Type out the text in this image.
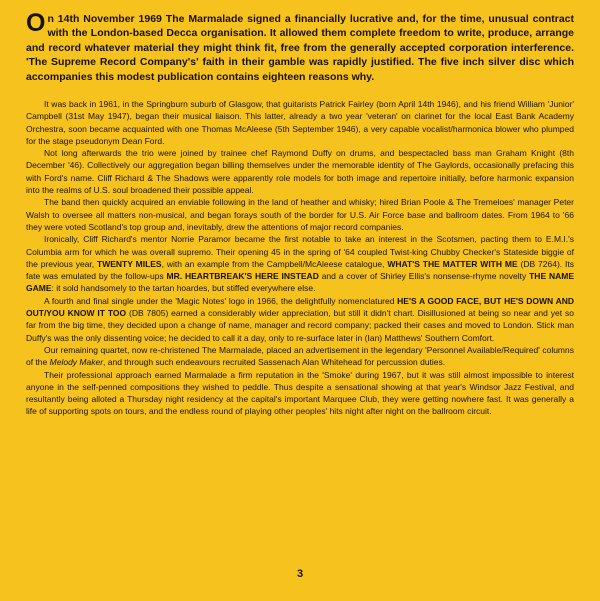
On 14th November 1969 The Marmalade signed a financially lucrative and, for the time, unusual contract with the London-based Decca organisation. It allowed them complete freedom to write, produce, arrange and record whatever material they might think fit, free from the generally accepted corporation interference. 'The Supreme Record Company's' faith in their gamble was rapidly justified. The five inch silver disc which accompanies this modest publication contains eighteen reasons why.

It was back in 1961, in the Springburn suburb of Glasgow, that guitarists Patrick Fairley (born April 14th 1946), and his friend William 'Junior' Campbell (31st May 1947), began their musical liaison. This latter, already a two year 'veteran' on clarinet for the local East Bank Academy Orchestra, soon became acquainted with one Thomas McAleese (5th September 1946), a very capable vocalist/harmonica blower who plumped for the stage pseudonym Dean Ford.

Not long afterwards the trio were joined by trainee chef Raymond Duffy on drums, and bespectacled bass man Graham Knight (8th December '46). Collectively our aggregation began billing themselves under the memorable identity of The Gaylords, occasionally prefacing this with Ford's name. Cliff Richard & The Shadows were apparently role models for both image and repertoire initially, before harmonic expansion into the realms of U.S. soul broadened their possible appeal.

The band then quickly acquired an enviable following in the land of heather and whisky; hired Brian Poole & The Tremeloes' manager Peter Walsh to oversee all matters non-musical, and began forays south of the border for U.S. Air Force base and ballroom dates. From 1964 to '66 they were voted Scotland's top group and, inevitably, drew the attentions of major record companies.

Ironically, Cliff Richard's mentor Norrie Paramor became the first notable to take an interest in the Scotsmen, pacting them to E.M.I.'s Columbia arm for which he was overall supremo. Their opening 45 in the spring of '64 coupled Twist-king Chubby Checker's Stateside biggie of the previous year, TWENTY MILES, with an example from the Campbell/McAleese catalogue, WHAT'S THE MATTER WITH ME (DB 7264). Its fate was emulated by the follow-ups MR. HEARTBREAK'S HERE INSTEAD and a cover of Shirley Ellis's nonsense-rhyme novelty THE NAME GAME: it sold handsomely to the tartan hoardes, but stiffed everywhere else.

A fourth and final single under the 'Magic Notes' logo in 1966, the delightfully nomenclatured HE'S A GOOD FACE, BUT HE'S DOWN AND OUT/YOU KNOW IT TOO (DB 7805) earned a considerably wider appreciation, but still it didn't chart. Disillusioned at being so near and yet so far from the big time, they decided upon a change of name, manager and record company; packed their cases and moved to London. Stick man Duffy's was the only dissenting voice; he decided to call it a day, only to re-surface later in (Ian) Matthews' Southern Comfort.

Our remaining quartet, now re-christened The Marmalade, placed an advertisement in the legendary 'Personnel Available/Required' columns of the Melody Maker, and through such endeavours recruited Sassenach Alan Whitehead for percussion duties.

Their professional approach earned Marmalade a firm reputation in the 'Smoke' during 1967, but it was still almost impossible to interest anyone in the self-penned compositions they wished to peddle. Thus despite a sensational showing at that year's Windsor Jazz Festival, and resultantly being alloted a Thursday night residency at the capital's important Marquee Club, they were getting nowhere fast. It was generally a life of supporting spots on tours, and the endless round of playing other peoples' hits night after night on the ballroom circuit.

3
